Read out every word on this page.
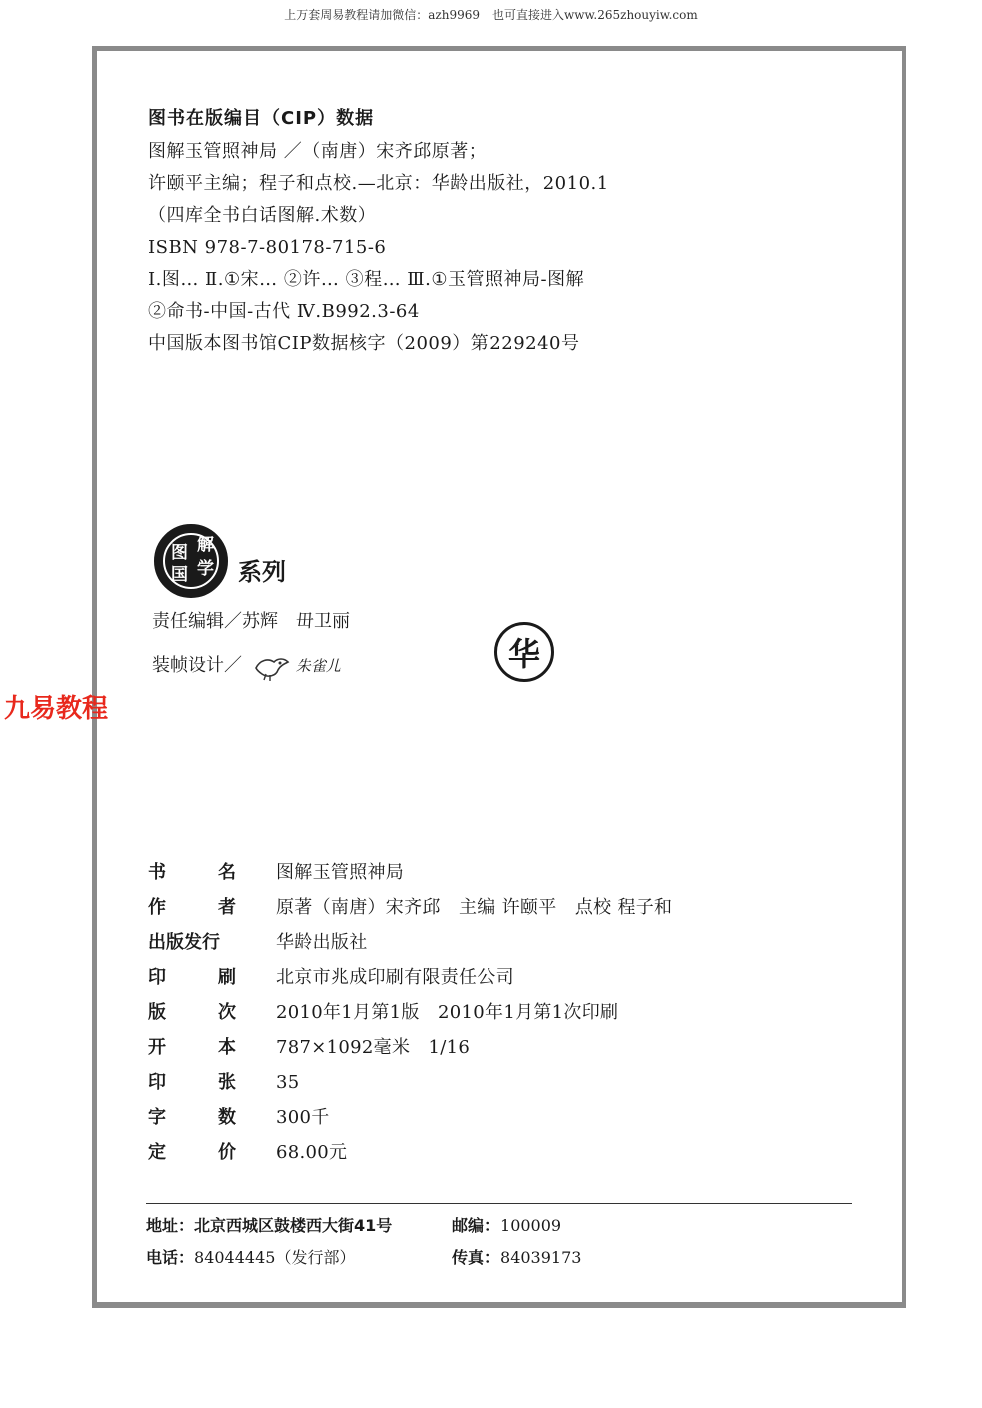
上万套周易教程请加微信：azh9969　也可直接进入www.265zhouyiw.com
图书在版编目（CIP）数据
图解玉管照神局 ／（南唐）宋齐邱原著；
许颐平主编；程子和点校.—北京：华龄出版社，2010.1
（四库全书白话图解.术数）
ISBN 978-7-80178-715-6
Ⅰ.图… Ⅱ.①宋… ②许… ③程… Ⅲ.①玉管照神局-图解
②命书-中国-古代 Ⅳ.B992.3-64
中国版本图书馆CIP数据核字（2009）第229240号
图 解
国 学 系列
责任编辑／苏辉　毌卫丽
装帧设计／	朱雀儿
九易教程
华
书	名 图解玉管照神局
作	者 原著（南唐）宋齐邱　主编 许颐平　点校 程子和
出版发行	华龄出版社
印	刷 北京市兆成印刷有限责任公司
版	次 2010年1月第1版　2010年1月第1次印刷
开	本 787×1092毫米　1/16
印	张 35
字	数 300千
定	价 68.00元
地址：北京西城区鼓楼西大街41号	邮编：100009
电话：84044445（发行部）	传真：84039173
